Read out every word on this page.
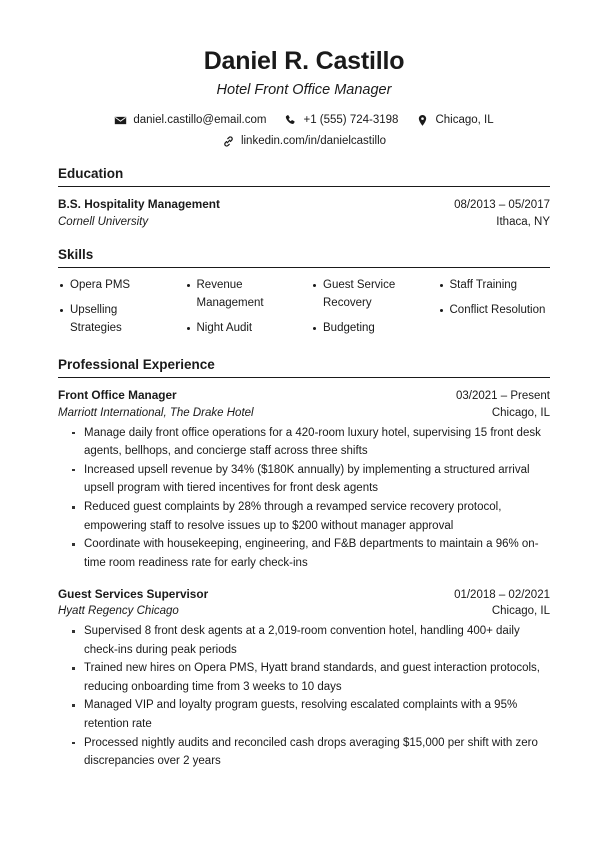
Daniel R. Castillo
Hotel Front Office Manager
daniel.castillo@email.com	+1 (555) 724-3198	Chicago, IL
linkedin.com/in/danielcastillo
Education
B.S. Hospitality Management	08/2013 – 05/2017
Cornell University	Ithaca, NY
Skills
Opera PMS
Upselling Strategies
Revenue Management
Night Audit
Guest Service Recovery
Budgeting
Staff Training
Conflict Resolution
Professional Experience
Front Office Manager	03/2021 – Present
Marriott International, The Drake Hotel	Chicago, IL
Manage daily front office operations for a 420-room luxury hotel, supervising 15 front desk agents, bellhops, and concierge staff across three shifts
Increased upsell revenue by 34% ($180K annually) by implementing a structured arrival upsell program with tiered incentives for front desk agents
Reduced guest complaints by 28% through a revamped service recovery protocol, empowering staff to resolve issues up to $200 without manager approval
Coordinate with housekeeping, engineering, and F&B departments to maintain a 96% on-time room readiness rate for early check-ins
Guest Services Supervisor	01/2018 – 02/2021
Hyatt Regency Chicago	Chicago, IL
Supervised 8 front desk agents at a 2,019-room convention hotel, handling 400+ daily check-ins during peak periods
Trained new hires on Opera PMS, Hyatt brand standards, and guest interaction protocols, reducing onboarding time from 3 weeks to 10 days
Managed VIP and loyalty program guests, resolving escalated complaints with a 95% retention rate
Processed nightly audits and reconciled cash drops averaging $15,000 per shift with zero discrepancies over 2 years
